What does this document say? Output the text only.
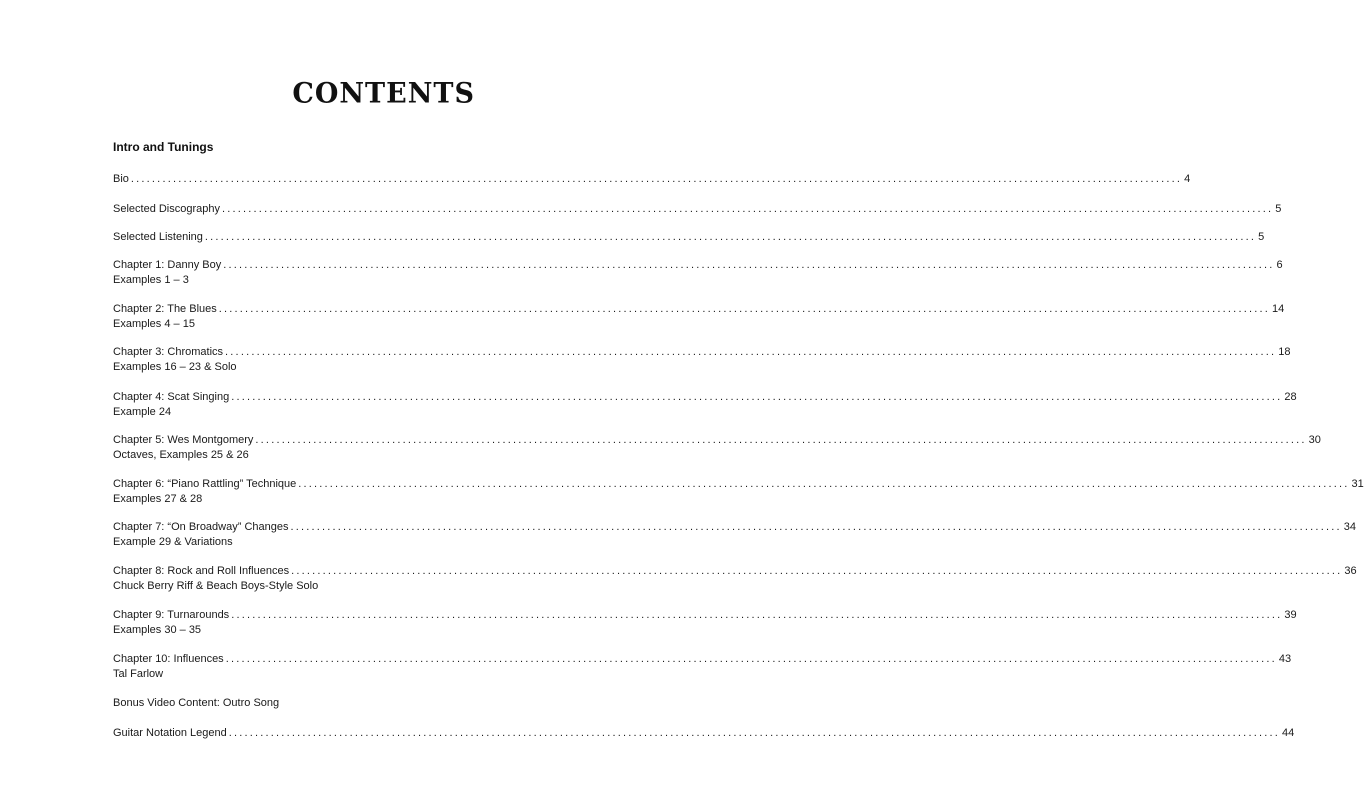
CONTENTS
Intro and Tunings
Bio ........................................................................................................................................................................................................ 4
Selected Discography ........................................................................................................................................................................................................ 5
Selected Listening ........................................................................................................................................................................................................ 5
Chapter 1: Danny Boy ........................................................................................................................................................................................................ 6
Examples 1 – 3
Chapter 2: The Blues ........................................................................................................................................................................................................ 14
Examples 4 – 15
Chapter 3: Chromatics ........................................................................................................................................................................................................ 18
Examples 16 – 23 & Solo
Chapter 4: Scat Singing ........................................................................................................................................................................................................ 28
Example 24
Chapter 5: Wes Montgomery ........................................................................................................................................................................................................ 30
Octaves, Examples 25 & 26
Chapter 6: “Piano Rattling” Technique ........................................................................................................................................................................................................ 31
Examples 27 & 28
Chapter 7: “On Broadway” Changes ........................................................................................................................................................................................................ 34
Example 29 & Variations
Chapter 8: Rock and Roll Influences ........................................................................................................................................................................................................ 36
Chuck Berry Riff & Beach Boys-Style Solo
Chapter 9: Turnarounds ........................................................................................................................................................................................................ 39
Examples 30 – 35
Chapter 10: Influences ........................................................................................................................................................................................................ 43
Tal Farlow
Bonus Video Content: Outro Song
Guitar Notation Legend ........................................................................................................................................................................................................ 44
